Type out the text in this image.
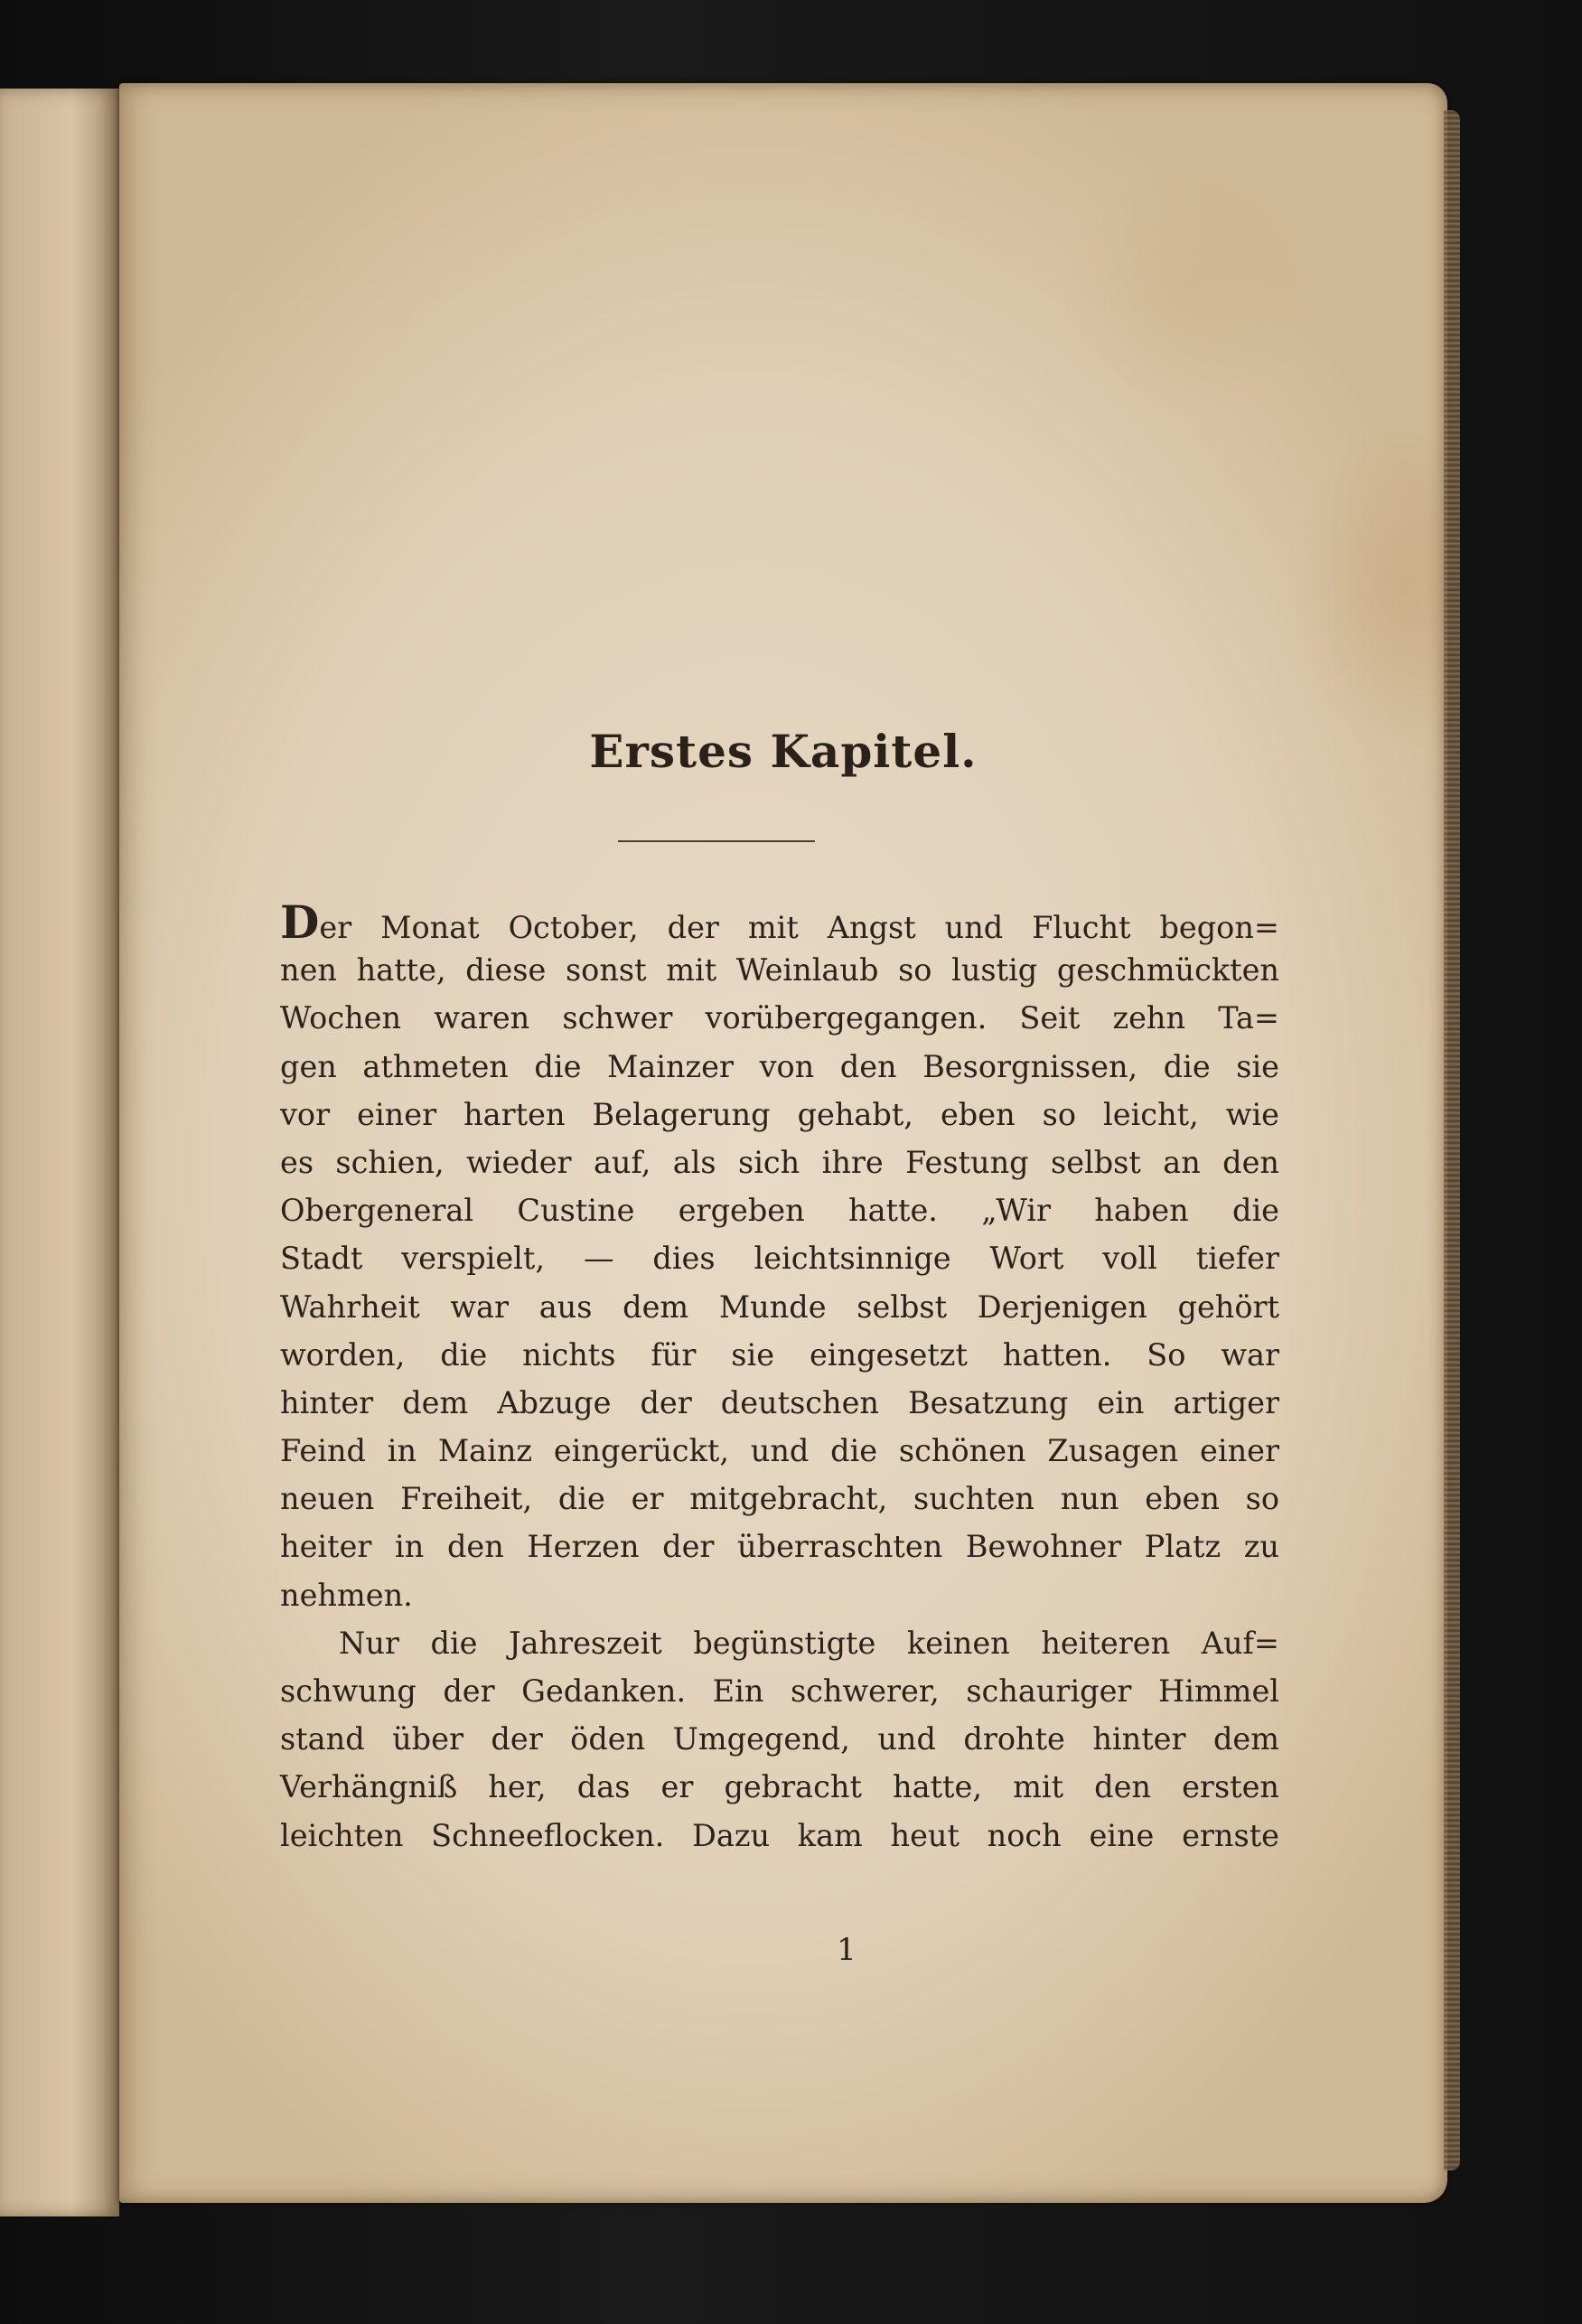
Erstes Kapitel.
Der Monat October, der mit Angst und Flucht begon=
nen hatte, diese sonst mit Weinlaub so lustig geschmückten
Wochen waren schwer vorübergegangen. Seit zehn Ta=
gen athmeten die Mainzer von den Besorgnissen, die sie
vor einer harten Belagerung gehabt, eben so leicht, wie
es schien, wieder auf, als sich ihre Festung selbst an den
Obergeneral Custine ergeben hatte. „Wir haben die
Stadt verspielt, — dies leichtsinnige Wort voll tiefer
Wahrheit war aus dem Munde selbst Derjenigen gehört
worden, die nichts für sie eingesetzt hatten. So war
hinter dem Abzuge der deutschen Besatzung ein artiger
Feind in Mainz eingerückt, und die schönen Zusagen einer
neuen Freiheit, die er mitgebracht, suchten nun eben so
heiter in den Herzen der überraschten Bewohner Platz zu
nehmen.
Nur die Jahreszeit begünstigte keinen heiteren Auf=
schwung der Gedanken. Ein schwerer, schauriger Himmel
stand über der öden Umgegend, und drohte hinter dem
Verhängniß her, das er gebracht hatte, mit den ersten
leichten Schneeflocken. Dazu kam heut noch eine ernste
1
